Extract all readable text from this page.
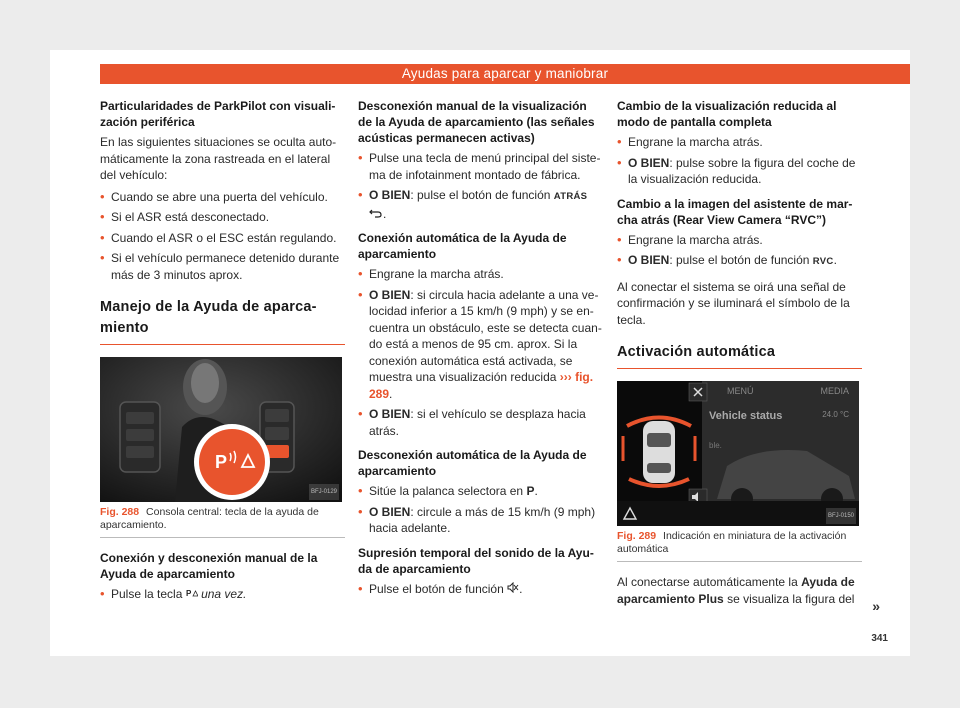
Ayudas para aparcar y maniobrar
Particularidades de ParkPilot con visualización periférica

En las siguientes situaciones se oculta automáticamente la zona rastreada en el lateral del vehículo:

• Cuando se abre una puerta del vehículo.
• Si el ASR está desconectado.
• Cuando el ASR o el ESC están regulando.
• Si el vehículo permanece detenido durante más de 3 minutos aprox.
Manejo de la Ayuda de aparcamiento
P
BFJ-0129
Fig. 288 Consola central: tecla de la ayuda de aparcamiento.
Conexión y desconexión manual de la Ayuda de aparcamiento
• Pulse la tecla P una vez.
Desconexión manual de la visualización de la Ayuda de aparcamiento (las señales acústicas permanecen activas)
• Pulse una tecla de menú principal del sistema de infotainment montado de fábrica.
• O BIEN: pulse el botón de función ATRÁS
.
Conexión automática de la Ayuda de aparcamiento
• Engrane la marcha atrás.
• O BIEN: si circula hacia adelante a una velocidad inferior a 15 km/h (9 mph) y se encuentra un obstáculo, este se detecta cuando está a menos de 95 cm. aprox. Si la conexión automática está activada, se muestra una visualización reducida ››› fig. 289.
• O BIEN: si el vehículo se desplaza hacia atrás.
Desconexión automática de la Ayuda de aparcamiento
• Sitúe la palanca selectora en P.
• O BIEN: circule a más de 15 km/h (9 mph) hacia adelante.
Supresión temporal del sonido de la Ayuda de aparcamiento
• Pulse el botón de función .
Cambio de la visualización reducida al modo de pantalla completa
• Engrane la marcha atrás.
• O BIEN: pulse sobre la figura del coche de la visualización reducida.
Cambio a la imagen del asistente de marcha atrás (Rear View Camera “RVC”)
• Engrane la marcha atrás.
• O BIEN: pulse el botón de función RVC.

Al conectar el sistema se oirá una señal de confirmación y se iluminará el símbolo de la tecla.

Activación automática
MENÚ	MEDIA
Vehicle status	24.0 °C
ble.
BFJ-0150
Fig. 289 Indicación en miniatura de la activación automática

Al conectarse automáticamente la Ayuda de aparcamiento Plus se visualiza la figura del	»
341
